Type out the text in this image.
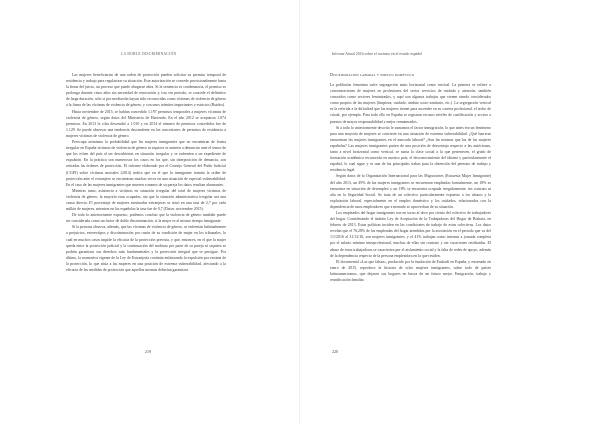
LA DOBLE DISCRIMINACIÓN

Las mujeres beneficiarias de una orden de protección pueden solicitar su permiso temporal de residencia y trabajo para regularizar su situación. Este autorización se concede provisionalmente hasta la firma del juicio, un proceso que puede alargarse años. Si la sentencia es condenatoria, el permiso se prolonga durante cinco años sin necesidad de renovación y, tras ese periodo, se concede el definitivo de larga duración, sólo si por mediación hayan sido reconocidas como víctimas de violencia de género a la firma de las víctimas de violencia de género, y con unos trámites importantes y estrictos (Ruidos).

Hasta noviembre de 2015, se habían concedido 1.197 permisos temporales a mujeres víctimas de violencia de género, según datos del Ministerio de Hacienda. En el año 2012 se aceptaron 1.074 permisos. En 2013 la cifra descendió a 1.010 y en 2014 el número de permisos concedidos fue de 1.129. Se puede observar una tendencia descendente en las concesiones de permisos de residencia a mujeres víctimas de violencia de género.

Preocupa asimismo la probabilidad que las mujeres inmigrantes que no encuentran de forma irregular en España víctimas de violencia de género ni siquiera se animen a denunciar ante el temor de que los echen del país al ser descubiertas en situación irregular y se enfrenten a un expediente de expulsión. En la práctica son numerosos los casos en los que, sin interposición de denuncia, son retiradas las órdenes de protección. El informe elaborado por el Consejo General del Poder Judicial (CGPJ) sobre víctimas mortales (2014) indica que en el que la inmigrante tramita la orden de protección ante el extranjero se encuentran muchas veces en una situación de especial vulnerabilidad. En el caso de las mujeres inmigrantes que mueren a manos de su pareja los datos resultan alarmantes.

Mientras tanto, asistencia a víctimas en situación irregular del total de mujeres víctimas de violencia de género, la mayoría eran ocupadas, sin que la situación administrativa irregular sea una causa directa. El porcentaje de mujeres asesinadas extranjeras se situó en una tasa de 2,7 por cada millón de mujeres, mientras en las españolas la tasa fue de 0,7 (Datos: noviembre 2015).

De todo lo anteriormente expuesto, podemos concluir que la violencia de género también puede ser considerada como un factor de doble discriminación, si la mujer es al mismo tiempo inmigrante.

Si la persona observa, además, que las víctimas de violencia de género, se enfrentan habitualmente a prejuicios, estereotipos y discriminación por razón de su condición de mujer en los tribunales, lo cual en muchos casos impide la eficacia de la protección prevista, y que, entonces, en el que la mujer queda entre la protección judicial y la continuación del maltrato por parte de su pareja ni siquiera se podrán garantizar sus derechos más fundamentales y la protección integral que se persigue. Por último, la normativa vigente de la Ley de Extranjería continúa enfatizando la expulsión por encima de la protección, lo que sitúa a las mujeres en una posición de extrema vulnerabilidad, afectando a la eficacia de las medidas de protección que aquellas mismas deberían garantizar.

219
Informe Anual 2016 sobre el racismo en el estado español
Discriminación laboral y empleo doméstico

La población femenina sufre segregación tanto horizontal como vertical. La primera se refiere a concentraciones de mujeres en profesiones del sector servicios de cuidado y atención, también conocidos como sectores feminizados, y aquí son algunos trabajos que vienen siendo considerados como propios de las mujeres (limpieza, cuidado, ámbito socio-sanitario, etc.). La segregación vertical es la referida a la dificultad que las mujeres tienen para ascender en su carrera profesional, el techo de cristal, por ejemplo. Para todo ello en España se registran escasos niveles de cualificación y acceso a puestos de mayor responsabilidad y mejor remunerados.

Si a todo lo anteriormente descrito le sumamos el factor inmigración, lo que antes era un fenómeno para una mayoría de mujeres se convierte en una situación de extrema vulnerabilidad. ¿Qué barreras encuentran las mujeres inmigrantes en el mercado laboral? ¿Son las mismas que las de las mujeres españolas? Las mujeres inmigrantes parten de una posición de desventaja respecto a las autóctonas, tanto a nivel horizontal como vertical, se suma la clase social a la que pertenecen, el grado de formación académica reconocida en nuestro país, el desconocimiento del idioma y particularmente el español, lo cual sigue y es una de las principales trabas para la obtención del permiso de trabajo y residencia legal.

Según datos de la Organización Internacional para las Migraciones (Encuesta Mujer Inmigrante) del año 2013, un 49% de las mujeres inmigrantes se encuentran empleadas formalmente, un 18% se encuentra en situación de desempleo y un 18% se encuentra ocupada irregularmente, sin contrato ni alta en la Seguridad Social. Se trata de un colectivo particularmente expuesto a los abusos y la explotación laboral, especialmente en el empleo doméstico y los cuidados, relacionados con la dependencia de unos empleadores que a menudo se aprovechan de su situación.

Los empleados del hogar inmigrantes son en torno al doce por ciento del colectivo de trabajadores del hogar. Considerando el ámbito Ley de Aceptación de la Trabajadoras del Hogar de Bizkaia, en febrero de 2013, Estas políticas inciden en las condiciones de trabajo de estas colectivas. Los datos revelan que el 76,28% de las empleadas del hogar atendidas por la asociación en el periodo que va del 1/1/2016 al 31/12/16, son mujeres inmigrantes, y el 41% trabajan como internas a jornada completa por el salario mínimo interprofesional, muchas de ellas sin contrato y sin vacaciones retribuidas. El abuso de estas trabajadoras se caracteriza por el aislamiento social y la falta de redes de apoyo, además de la dependencia respecto de la persona empleadora en la que residen.

El documental «Las que faltan», producido por la fundación de Euskadi en España, y estrenado en enero de 2015, reproduce la historia de ocho mujeres inmigrantes, sobre todo de países latinoamericanos, que dejaron sus hogares en busca de un futuro mejor. Emigración, trabajo y reunificación familiar.

220
